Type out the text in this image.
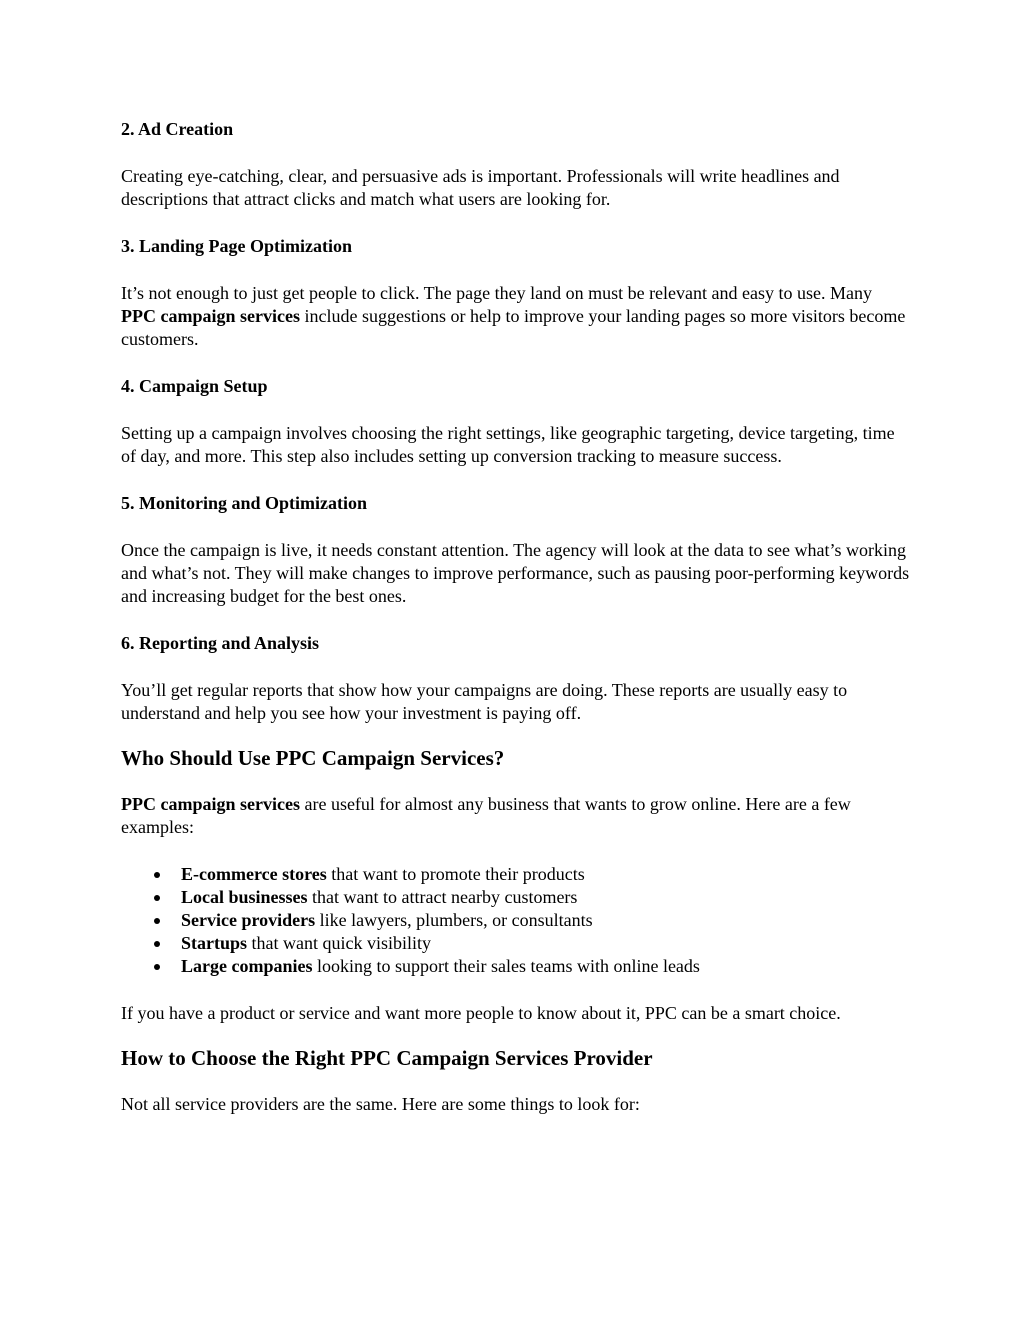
2. Ad Creation

Creating eye-catching, clear, and persuasive ads is important. Professionals will write headlines and descriptions that attract clicks and match what users are looking for.

3. Landing Page Optimization

It’s not enough to just get people to click. The page they land on must be relevant and easy to use. Many PPC campaign services include suggestions or help to improve your landing pages so more visitors become customers.

4. Campaign Setup

Setting up a campaign involves choosing the right settings, like geographic targeting, device targeting, time of day, and more. This step also includes setting up conversion tracking to measure success.

5. Monitoring and Optimization

Once the campaign is live, it needs constant attention. The agency will look at the data to see what’s working and what’s not. They will make changes to improve performance, such as pausing poor-performing keywords and increasing budget for the best ones.

6. Reporting and Analysis

You’ll get regular reports that show how your campaigns are doing. These reports are usually easy to understand and help you see how your investment is paying off.

Who Should Use PPC Campaign Services?

PPC campaign services are useful for almost any business that wants to grow online. Here are a few examples:

E-commerce stores that want to promote their products
Local businesses that want to attract nearby customers
Service providers like lawyers, plumbers, or consultants
Startups that want quick visibility
Large companies looking to support their sales teams with online leads

If you have a product or service and want more people to know about it, PPC can be a smart choice.

How to Choose the Right PPC Campaign Services Provider

Not all service providers are the same. Here are some things to look for:
